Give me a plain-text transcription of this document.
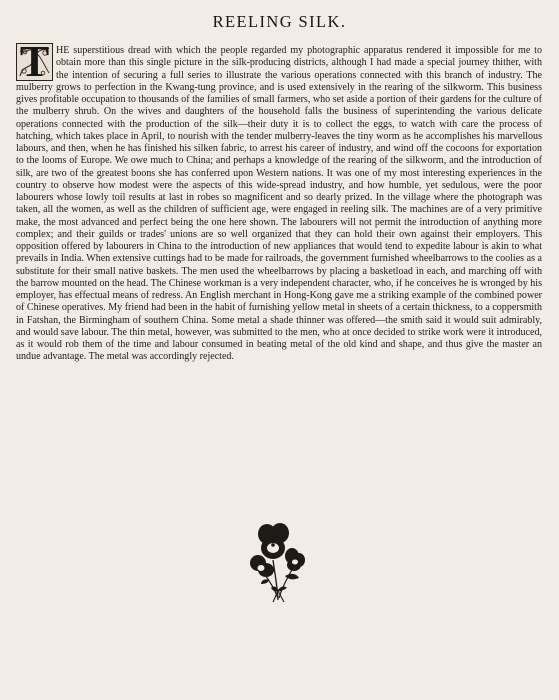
REELING SILK.
T HE superstitious dread with which the people regarded my photographic apparatus rendered it impossible for me to obtain more than this single picture in the silk-producing districts, although I had made a special journey thither, with the intention of securing a full series to illustrate the various operations connected with this branch of industry. The mulberry grows to perfection in the Kwang-tung province, and is used extensively in the rearing of the silkworm. This business gives profitable occupation to thousands of the families of small farmers, who set aside a portion of their gardens for the culture of the mulberry shrub. On the wives and daughters of the household falls the business of superintending the various delicate operations connected with the production of the silk—their duty it is to collect the eggs, to watch with care the process of hatching, which takes place in April, to nourish with the tender mulberry-leaves the tiny worm as he accomplishes his marvellous labours, and then, when he has finished his silken fabric, to arrest his career of industry, and wind off the cocoons for exportation to the looms of Europe. We owe much to China; and perhaps a knowledge of the rearing of the silkworm, and the introduction of silk, are two of the greatest boons she has conferred upon Western nations. It was one of my most interesting experiences in the country to observe how modest were the aspects of this wide-spread industry, and how humble, yet sedulous, were the poor labourers whose lowly toil results at last in robes so magnificent and so dearly prized. In the village where the photograph was taken, all the women, as well as the children of sufficient age, were engaged in reeling silk. The machines are of a very primitive make, the most advanced and perfect being the one here shown. The labourers will not permit the introduction of anything more complex; and their guilds or trades' unions are so well organized that they can hold their own against their employers. This opposition offered by labourers in China to the introduction of new appliances that would tend to expedite labour is akin to what prevails in India. When extensive cuttings had to be made for railroads, the government furnished wheelbarrows to the coolies as a substitute for their small native baskets. The men used the wheelbarrows by placing a basketload in each, and marching off with the barrow mounted on the head. The Chinese workman is a very independent character, who, if he conceives he is wronged by his employer, has effectual means of redress. An English merchant in Hong-Kong gave me a striking example of the combined power of Chinese operatives. My friend had been in the habit of furnishing yellow metal in sheets of a certain thickness, to a coppersmith in Fatshan, the Birmingham of southern China. Some metal a shade thinner was offered—the smith said it would suit admirably, and would save labour. The thin metal, however, was submitted to the men, who at once decided to strike work were it introduced, as it would rob them of the time and labour consumed in beating metal of the old kind and shape, and thus give the master an undue advantage. The metal was accordingly rejected.
